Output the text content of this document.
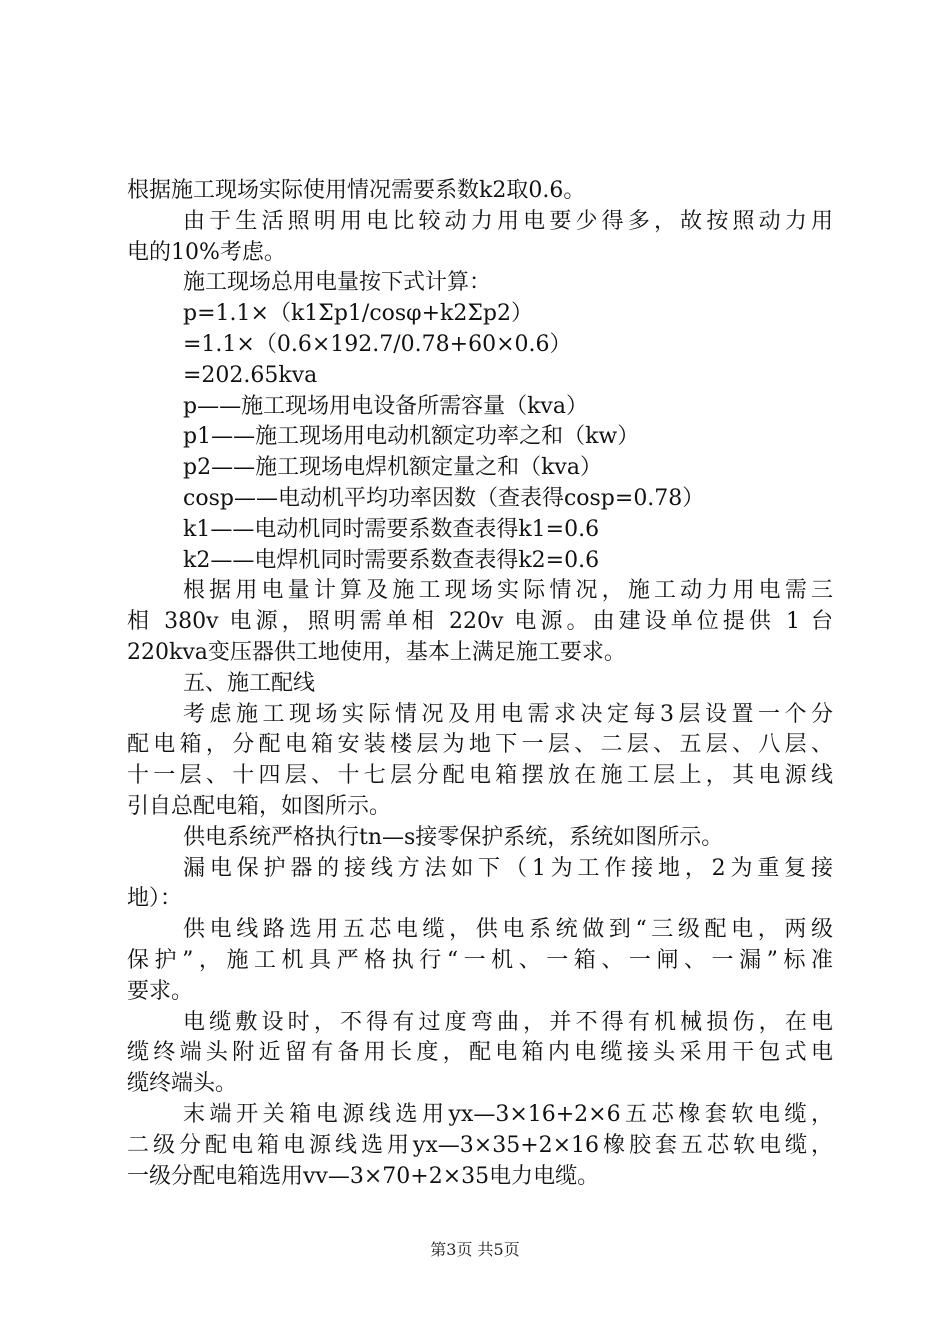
根据施工现场实际使用情况需要系数k2取0.6。
由于生活照明用电比较动力用电要少得多，故按照动力用
电的10%考虑。
施工现场总用电量按下式计算：
p=1.1×（k1Σp1/cosφ+k2Σp2）
=1.1×（0.6×192.7/0.78+60×0.6）
=202.65kva
p——施工现场用电设备所需容量（kva）
p1——施工现场用电动机额定功率之和（kw）
p2——施工现场电焊机额定量之和（kva）
cosp——电动机平均功率因数（查表得cosp=0.78）
k1——电动机同时需要系数查表得k1=0.6
k2——电焊机同时需要系数查表得k2=0.6
根据用电量计算及施工现场实际情况，施工动力用电需三
相 380v 电源，照明需单相 220v 电源。由建设单位提供 1 台
220kva变压器供工地使用，基本上满足施工要求。
五、施工配线
考虑施工现场实际情况及用电需求决定每3层设置一个分
配电箱，分配电箱安装楼层为地下一层、二层、五层、八层、
十一层、十四层、十七层分配电箱摆放在施工层上，其电源线
引自总配电箱，如图所示。
供电系统严格执行tn—s接零保护系统，系统如图所示。
漏电保护器的接线方法如下（1为工作接地，2为重复接
地）：
供电线路选用五芯电缆，供电系统做到“三级配电，两级
保护”，施工机具严格执行“一机、一箱、一闸、一漏”标准
要求。
电缆敷设时，不得有过度弯曲，并不得有机械损伤，在电
缆终端头附近留有备用长度，配电箱内电缆接头采用干包式电
缆终端头。
末端开关箱电源线选用yx—3×16+2×6五芯橡套软电缆，
二级分配电箱电源线选用yx—3×35+2×16橡胶套五芯软电缆，
一级分配电箱选用vv—3×70+2×35电力电缆。
第3页 共5页
